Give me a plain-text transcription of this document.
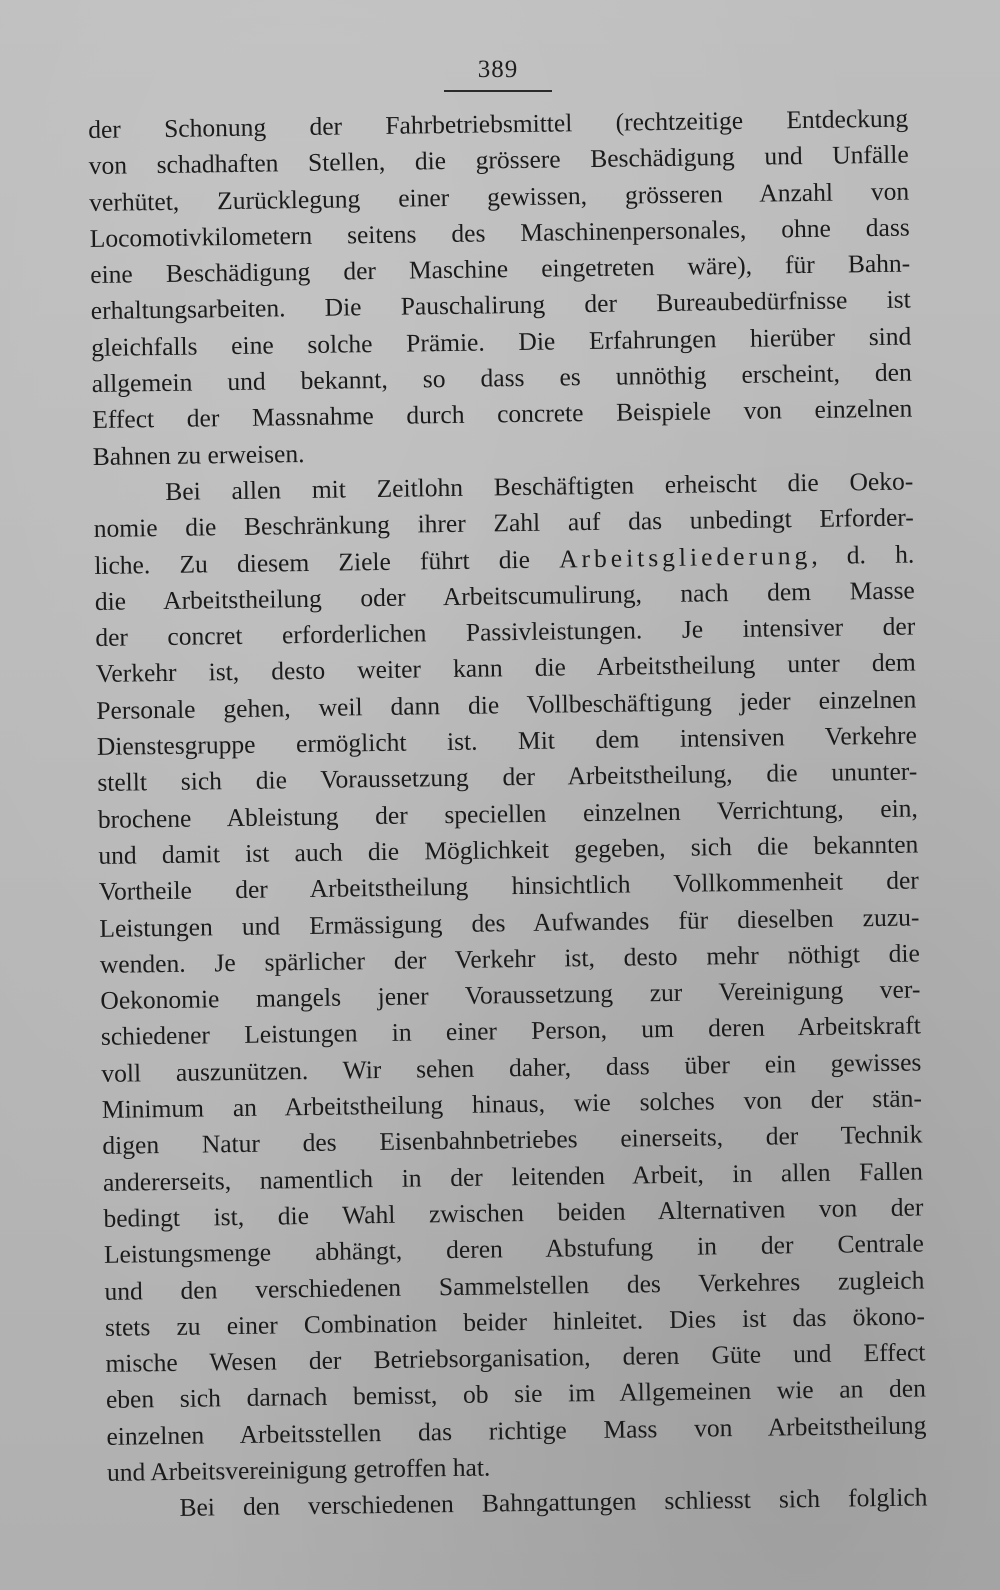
389
der Schonung der Fahrbetriebsmittel (rechtzeitige Entdeckung
von schadhaften Stellen, die grössere Beschädigung und Unfälle
verhütet, Zurücklegung einer gewissen, grösseren Anzahl von
Locomotivkilometern seitens des Maschinenpersonales, ohne dass
eine Beschädigung der Maschine eingetreten wäre), für Bahn-
erhaltungsarbeiten. Die Pauschalirung der Bureaubedürfnisse ist
gleichfalls eine solche Prämie. Die Erfahrungen hierüber sind
allgemein und bekannt, so dass es unnöthig erscheint, den
Effect der Massnahme durch concrete Beispiele von einzelnen
Bahnen zu erweisen.
Bei allen mit Zeitlohn Beschäftigten erheischt die Oeko-
nomie die Beschränkung ihrer Zahl auf das unbedingt Erforder-
liche. Zu diesem Ziele führt die Arbeitsgliederung, d. h.
die Arbeitstheilung oder Arbeitscumulirung, nach dem Masse
der concret erforderlichen Passivleistungen. Je intensiver der
Verkehr ist, desto weiter kann die Arbeitstheilung unter dem
Personale gehen, weil dann die Vollbeschäftigung jeder einzelnen
Dienstesgruppe ermöglicht ist. Mit dem intensiven Verkehre
stellt sich die Voraussetzung der Arbeitstheilung, die ununter-
brochene Ableistung der speciellen einzelnen Verrichtung, ein,
und damit ist auch die Möglichkeit gegeben, sich die bekannten
Vortheile der Arbeitstheilung hinsichtlich Vollkommenheit der
Leistungen und Ermässigung des Aufwandes für dieselben zuzu-
wenden. Je spärlicher der Verkehr ist, desto mehr nöthigt die
Oekonomie mangels jener Voraussetzung zur Vereinigung ver-
schiedener Leistungen in einer Person, um deren Arbeitskraft
voll auszunützen. Wir sehen daher, dass über ein gewisses
Minimum an Arbeitstheilung hinaus, wie solches von der stän-
digen Natur des Eisenbahnbetriebes einerseits, der Technik
andererseits, namentlich in der leitenden Arbeit, in allen Fallen
bedingt ist, die Wahl zwischen beiden Alternativen von der
Leistungsmenge abhängt, deren Abstufung in der Centrale
und den verschiedenen Sammelstellen des Verkehres zugleich
stets zu einer Combination beider hinleitet. Dies ist das ökono-
mische Wesen der Betriebsorganisation, deren Güte und Effect
eben sich darnach bemisst, ob sie im Allgemeinen wie an den
einzelnen Arbeitsstellen das richtige Mass von Arbeitstheilung
und Arbeitsvereinigung getroffen hat.
Bei den verschiedenen Bahngattungen schliesst sich folglich
